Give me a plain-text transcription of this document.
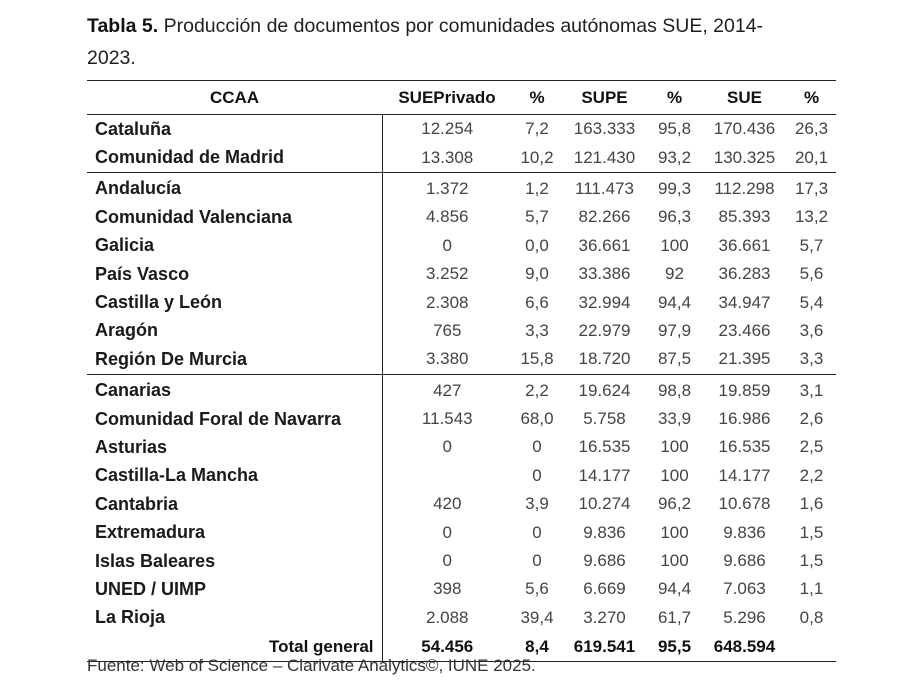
Tabla 5. Producción de documentos por comunidades autónomas SUE, 2014-2023.
CCAA	SUEPrivado	%	SUPE	%	SUE	%
Cataluña	12.254	7,2	163.333	95,8	170.436	26,3
Comunidad de Madrid	13.308	10,2	121.430	93,2	130.325	20,1
Andalucía	1.372	1,2	111.473	99,3	112.298	17,3
Comunidad Valenciana	4.856	5,7	82.266	96,3	85.393	13,2
Galicia	0	0,0	36.661	100	36.661	5,7
País Vasco	3.252	9,0	33.386	92	36.283	5,6
Castilla y León	2.308	6,6	32.994	94,4	34.947	5,4
Aragón	765	3,3	22.979	97,9	23.466	3,6
Región De Murcia	3.380	15,8	18.720	87,5	21.395	3,3
Canarias	427	2,2	19.624	98,8	19.859	3,1
Comunidad Foral de Navarra	11.543	68,0	5.758	33,9	16.986	2,6
Asturias	0	0	16.535	100	16.535	2,5
Castilla-La Mancha		0	14.177	100	14.177	2,2
Cantabria	420	3,9	10.274	96,2	10.678	1,6
Extremadura	0	0	9.836	100	9.836	1,5
Islas Baleares	0	0	9.686	100	9.686	1,5
UNED / UIMP	398	5,6	6.669	94,4	7.063	1,1
La Rioja	2.088	39,4	3.270	61,7	5.296	0,8
Total general	54.456	8,4	619.541	95,5	648.594	
Fuente: Web of Science – Clarivate Analytics©, IUNE 2025.
